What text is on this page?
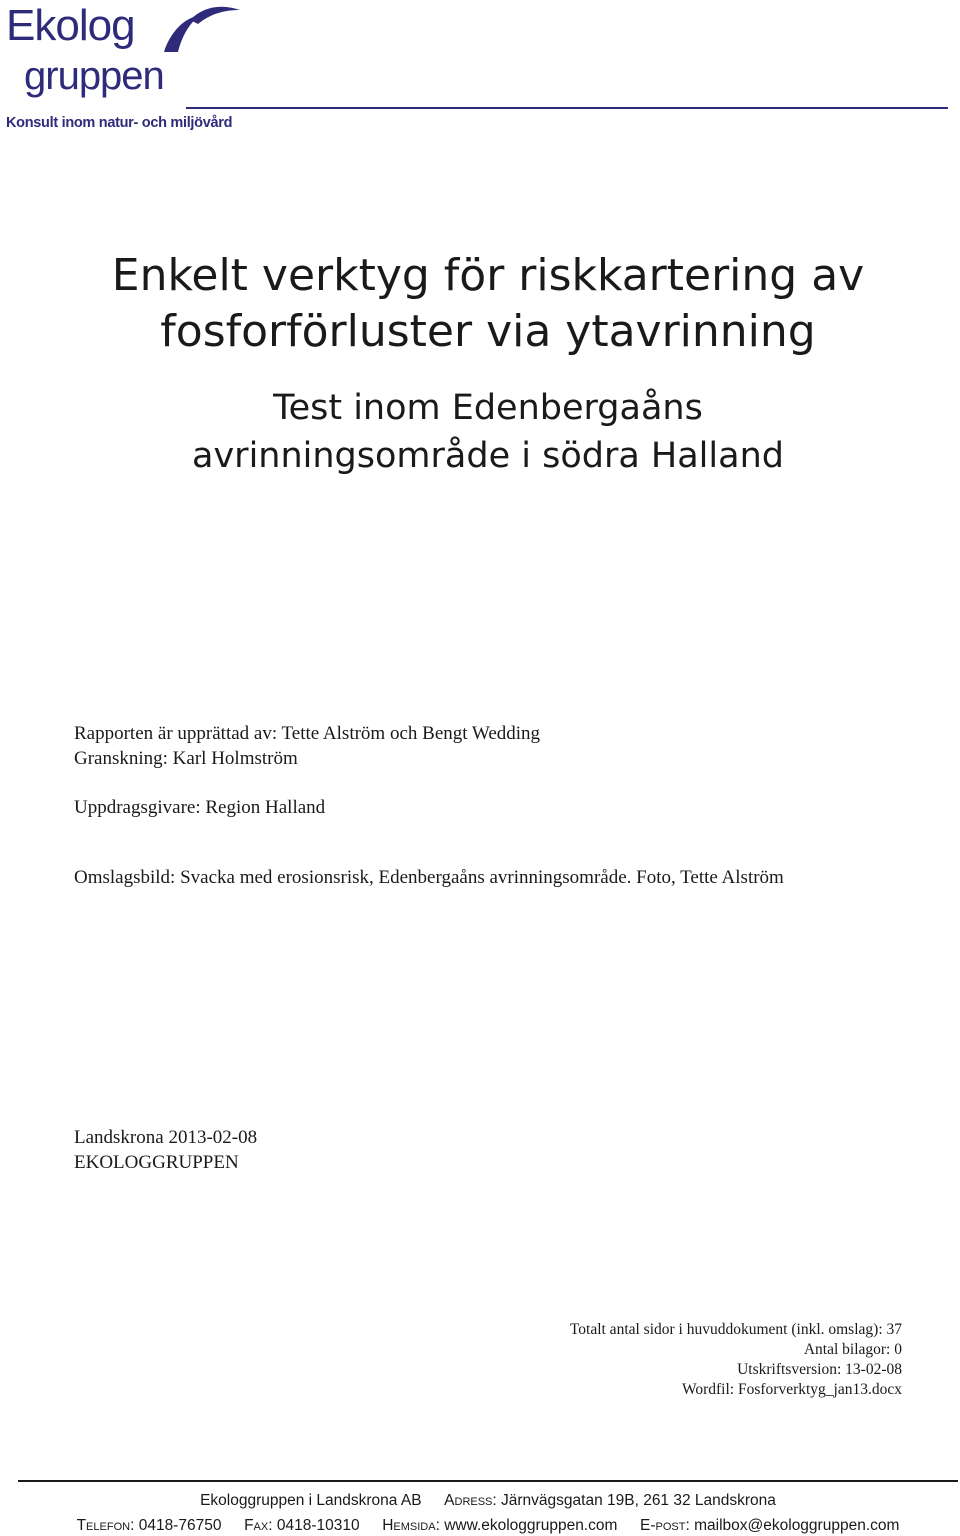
Ekolog
gruppen
Konsult inom natur- och miljövård
Enkelt verktyg för riskkartering av
fosforförluster via ytavrinning
Test inom Edenbergaåns
avrinningsområde i södra Halland
Rapporten är upprättad av: Tette Alström och Bengt Wedding
Granskning: Karl Holmström
Uppdragsgivare: Region Halland
Omslagsbild: Svacka med erosionsrisk, Edenbergaåns avrinningsområde. Foto, Tette Alström
Landskrona 2013-02-08
EKOLOGGRUPPEN
Totalt antal sidor i huvuddokument (inkl. omslag): 37
Antal bilagor: 0
Utskriftsversion: 13-02-08
Wordfil: Fosforverktyg_jan13.docx
Ekologgruppen i Landskrona AB Adress: Järnvägsgatan 19B, 261 32 Landskrona
Telefon: 0418-76750 Fax: 0418-10310 Hemsida: www.ekologgruppen.com E-post: mailbox@ekologgruppen.com
